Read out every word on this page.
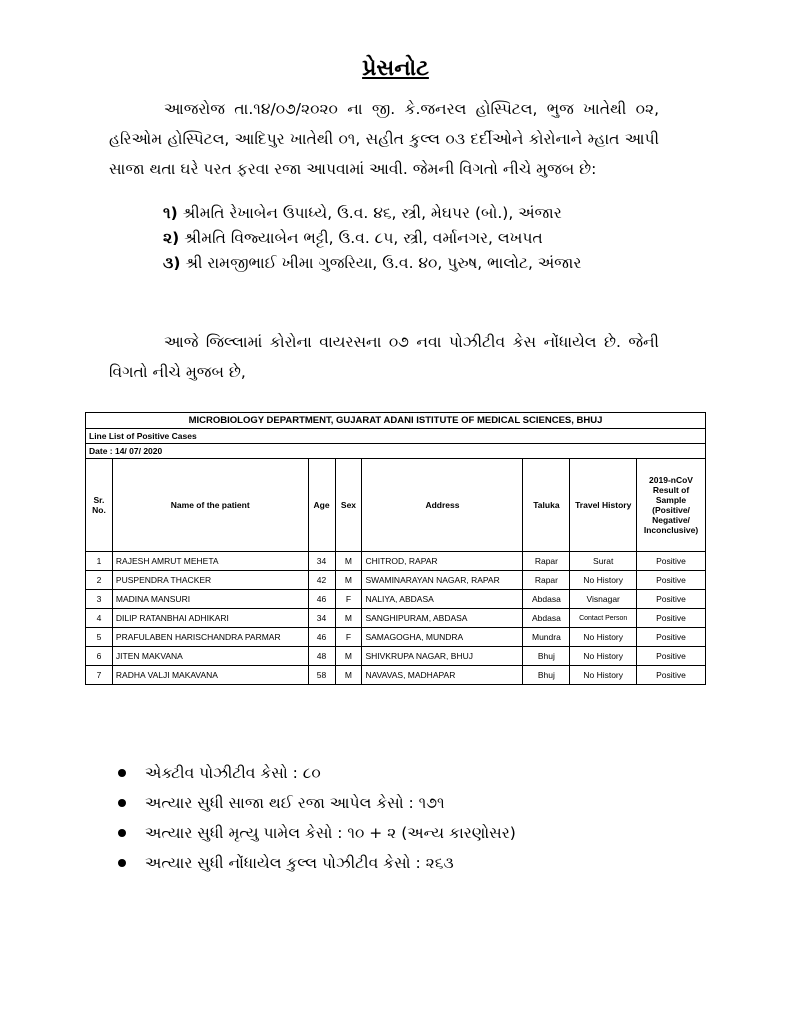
પ્રેસનોટ
આજરોજ તા.૧૪/૦૭/૨૦૨૦ ના જી. કે.જનરલ હોસ્પિટલ, ભુજ ખાતેથી ૦૨, હરિઓમ હોસ્પિટલ, આદિપુર ખાતેથી ૦૧, સહીત કુલ્લ ૦૩ દર્દીઓને કોરોનાને મ્હાત આપી સાજા થતા ઘરે પરત ફરવા રજા આપવામાં આવી. જેમની વિગતો નીચે મુજબ છે:
૧) શ્રીમતિ રેખાબેન ઉપાધ્યે, ઉ.વ. ૪૬, સ્ત્રી, મેઘપર (બો.), અંજાર
૨) શ્રીમતિ વિજ્યાબેન ભટ્ટી, ઉ.વ. ૮૫, સ્ત્રી, વર્માનગર, લખપત
૩) શ્રી રામજીભાઈ ખીમા ગુજરિયા, ઉ.વ. ૪૦, પુરુષ, ભાલોટ, અંજાર
આજે જિલ્લામાં કોરોના વાયરસના ૦૭ નવા પોઝીટીવ કેસ નોંધાયેલ છે. જેની વિગતો નીચે મુજબ છે,
MICROBIOLOGY DEPARTMENT, GUJARAT ADANI ISTITUTE OF MEDICAL SCIENCES, BHUJ							
Line List of Positive Cases							
Date : 14/ 07/ 2020							
Sr. No.	Name of the patient	Age	Sex	Address	Taluka	Travel History	2019-nCoV Result of Sample (Positive/ Negative/ Inconclusive)
1	RAJESH AMRUT MEHETA	34	M	CHITROD, RAPAR	Rapar	Surat	Positive
2	PUSPENDRA THACKER	42	M	SWAMINARAYAN NAGAR, RAPAR	Rapar	No History	Positive
3	MADINA MANSURI	46	F	NALIYA, ABDASA	Abdasa	Visnagar	Positive
4	DILIP RATANBHAI ADHIKARI	34	M	SANGHIPURAM, ABDASA	Abdasa	Contact Person	Positive
5	PRAFULABEN HARISCHANDRA PARMAR	46	F	SAMAGOGHA, MUNDRA	Mundra	No History	Positive
6	JITEN MAKVANA	48	M	SHIVKRUPA NAGAR, BHUJ	Bhuj	No History	Positive
7	RADHA VALJI MAKAVANA	58	M	NAVAVAS, MADHAPAR	Bhuj	No History	Positive
એક્ટીવ પોઝીટીવ કેસો : ૮૦
અત્યાર સુધી સાજા થઈ રજા આપેલ કેસો : ૧૭૧
અત્યાર સુધી મૃત્યુ પામેલ કેસો : ૧૦ + ૨ (અન્ય કારણોસર)
અત્યાર સુધી નોંધાયેલ કુલ્લ પોઝીટીવ કેસો : ૨૬૩
